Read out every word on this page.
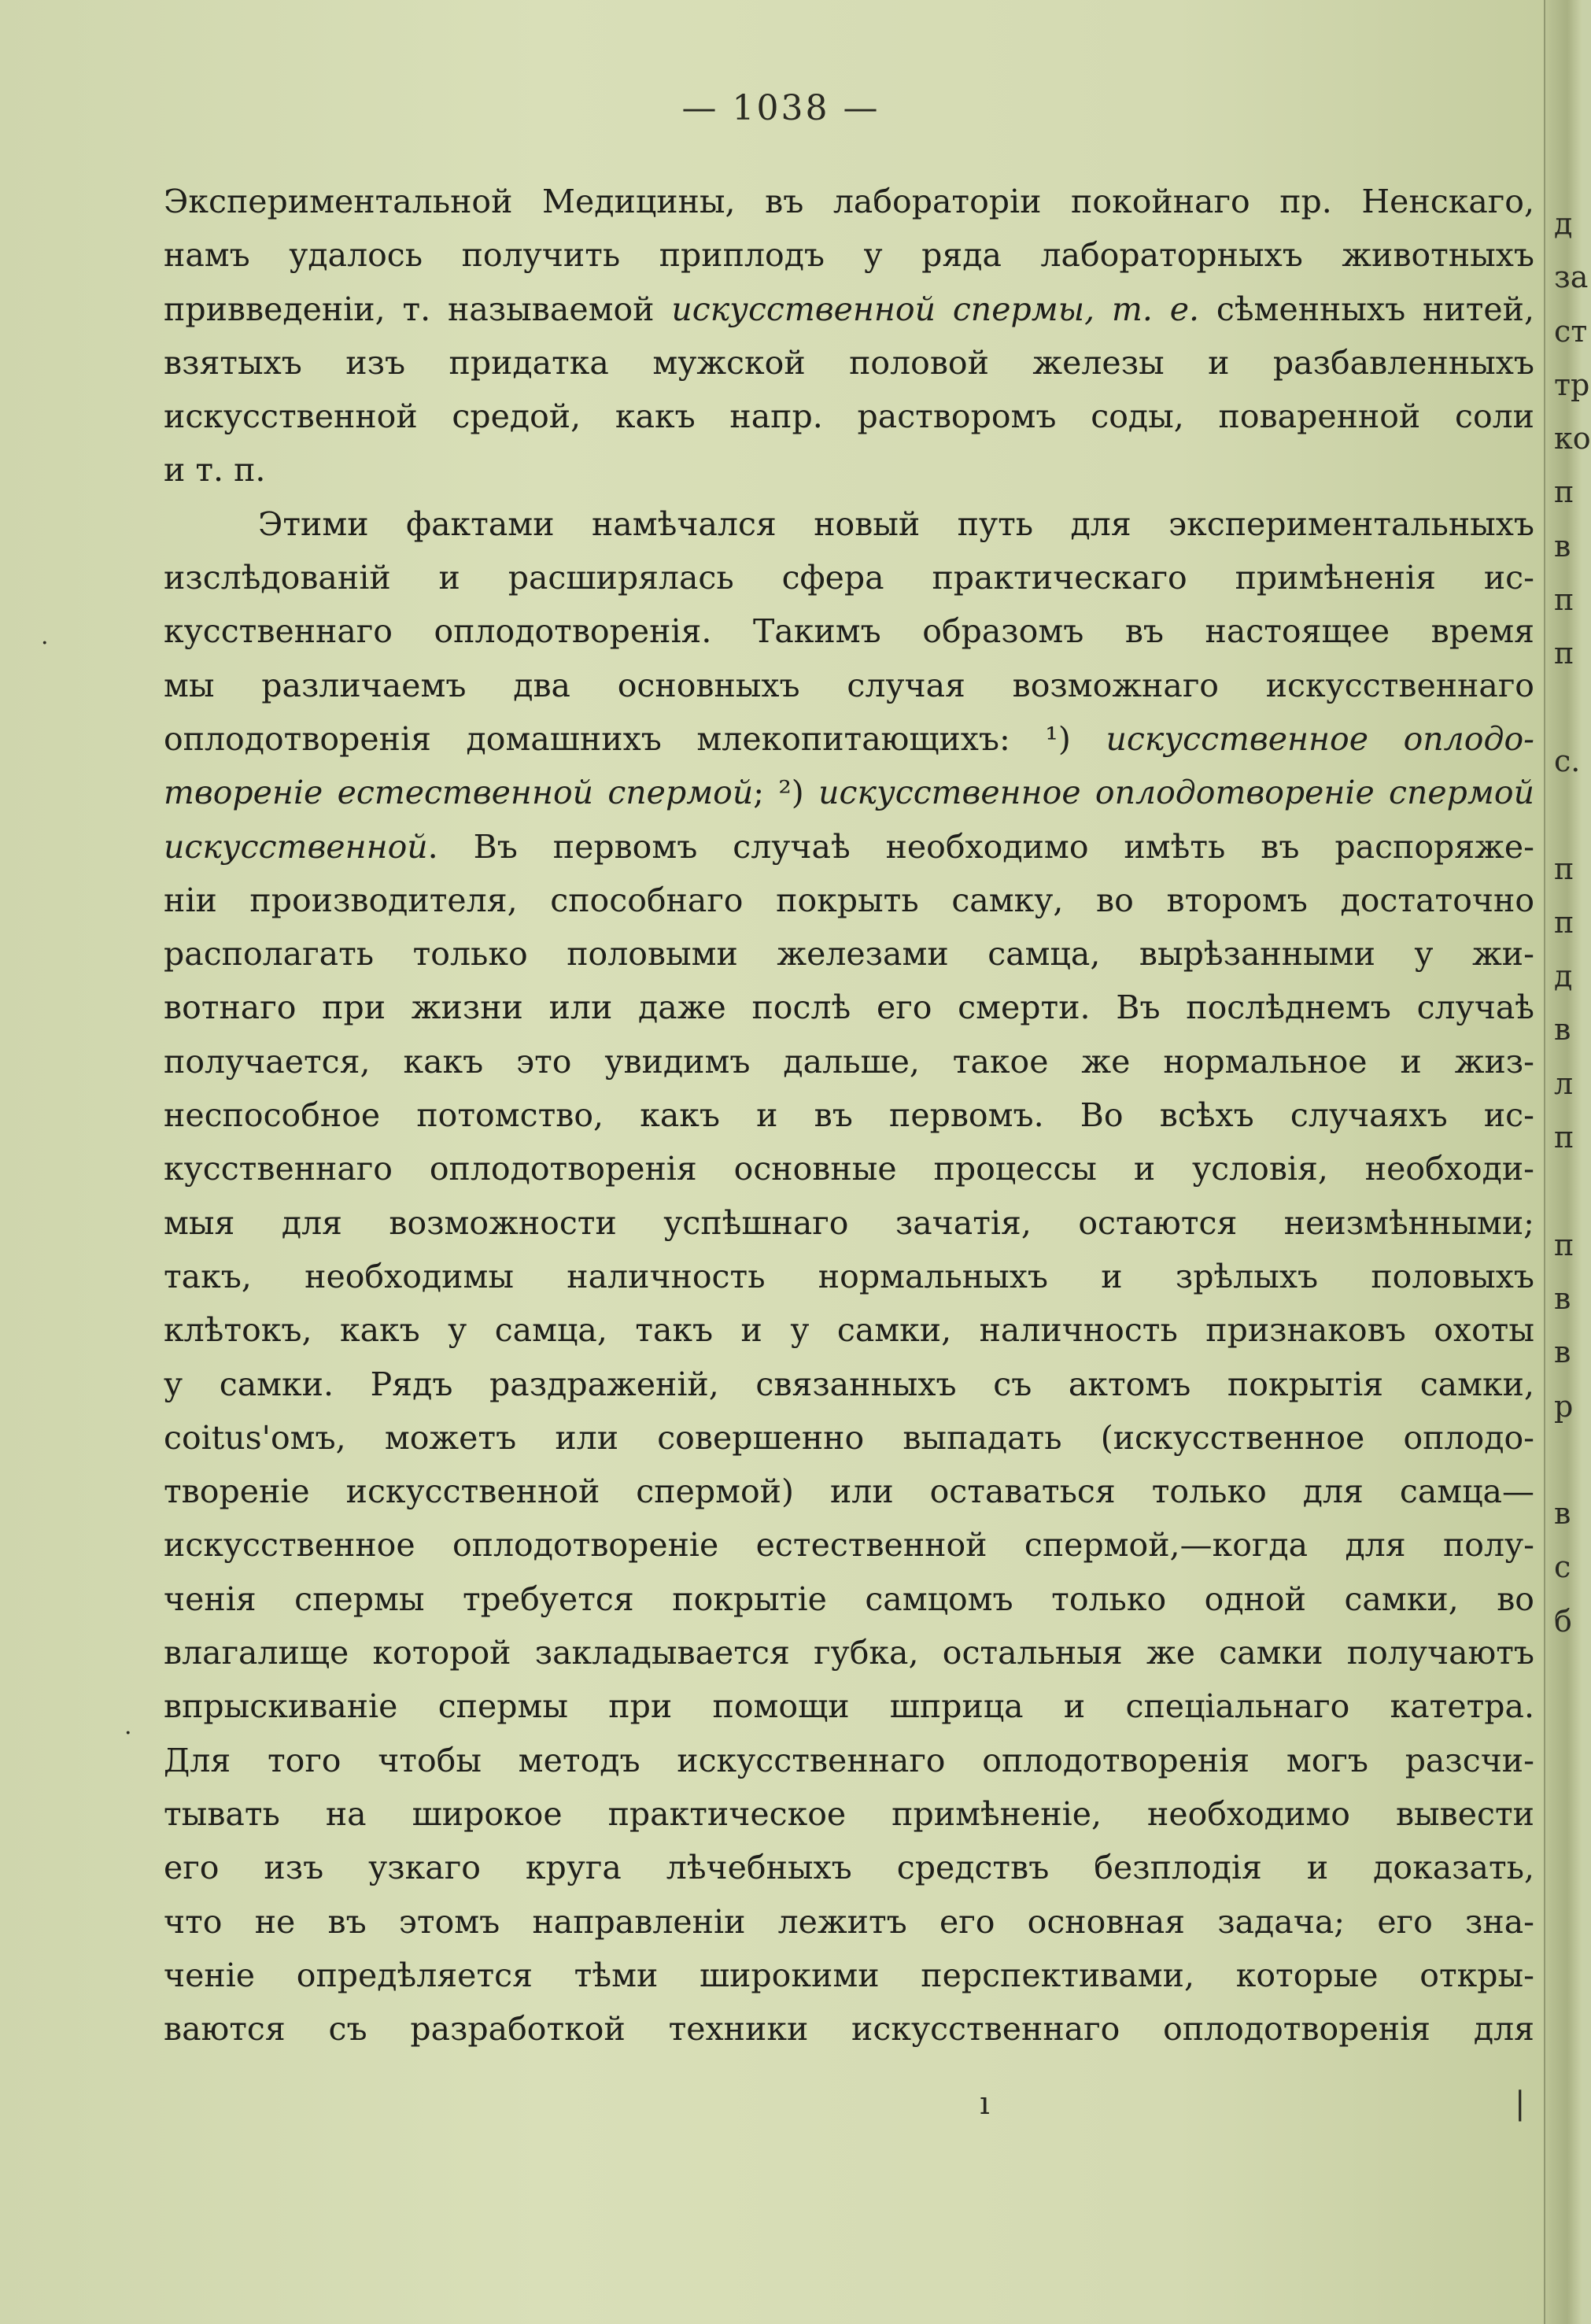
— 1038 —
Экспериментальной Медицины, въ лабораторіи покойнаго пр. Ненскаго,
намъ удалось получить приплодъ у ряда лабораторныхъ животныхъ
привведеніи, т. называемой искусственной спермы, т. е. сѣменныхъ нитей,
взятыхъ изъ придатка мужской половой железы и разбавленныхъ
искусственной средой, какъ напр. растворомъ соды, поваренной соли
и т. п.
Этими фактами намѣчался новый путь для экспериментальныхъ
изслѣдованій и расширялась сфера практическаго примѣненія ис-
кусственнаго оплодотворенія. Такимъ образомъ въ настоящее время
мы различаемъ два основныхъ случая возможнаго искусственнаго
оплодотворенія домашнихъ млекопитающихъ: ¹) искусственное оплодо-
твореніе естественной спермой; ²) искусственное оплодотвореніе спермой
искусственной. Въ первомъ случаѣ необходимо имѣть въ распоряже-
ніи производителя, способнаго покрыть самку, во второмъ достаточно
располагать только половыми железами самца, вырѣзанными у жи-
вотнаго при жизни или даже послѣ его смерти. Въ послѣднемъ случаѣ
получается, какъ это увидимъ дальше, такое же нормальное и жиз-
неспособное потомство, какъ и въ первомъ. Во всѣхъ случаяхъ ис-
кусственнаго оплодотворенія основные процессы и условія, необходи-
мыя для возможности успѣшнаго зачатія, остаются неизмѣнными;
такъ, необходимы наличность нормальныхъ и зрѣлыхъ половыхъ
клѣтокъ, какъ у самца, такъ и у самки, наличность признаковъ охоты
у самки. Рядъ раздраженій, связанныхъ съ актомъ покрытія самки,
coitus'омъ, можетъ или совершенно выпадать (искусственное оплодо-
твореніе искусственной спермой) или оставаться только для самца—
искусственное оплодотвореніе естественной спермой,—когда для полу-
ченія спермы требуется покрытіе самцомъ только одной самки, во
влагалище которой закладывается губка, остальныя же самки получаютъ
впрыскиваніе спермы при помощи шприца и спеціальнаго катетра.
Для того чтобы методъ искусственнаго оплодотворенія могъ разсчи-
тывать на широкое практическое примѣненіе, необходимо вывести
его изъ узкаго круга лѣчебныхъ средствъ безплодія и доказать,
что не въ этомъ направленіи лежитъ его основная задача; его зна-
ченіе опредѣляется тѣми широкими перспективами, которые откры-
ваются съ разработкой техники искусственнаго оплодотворенія для
·
·
ı	|
д
за
ст
тр
ко
п
в
п
п
с.
п
п
д
в
л
п
п
в
в
р
в
с
б
